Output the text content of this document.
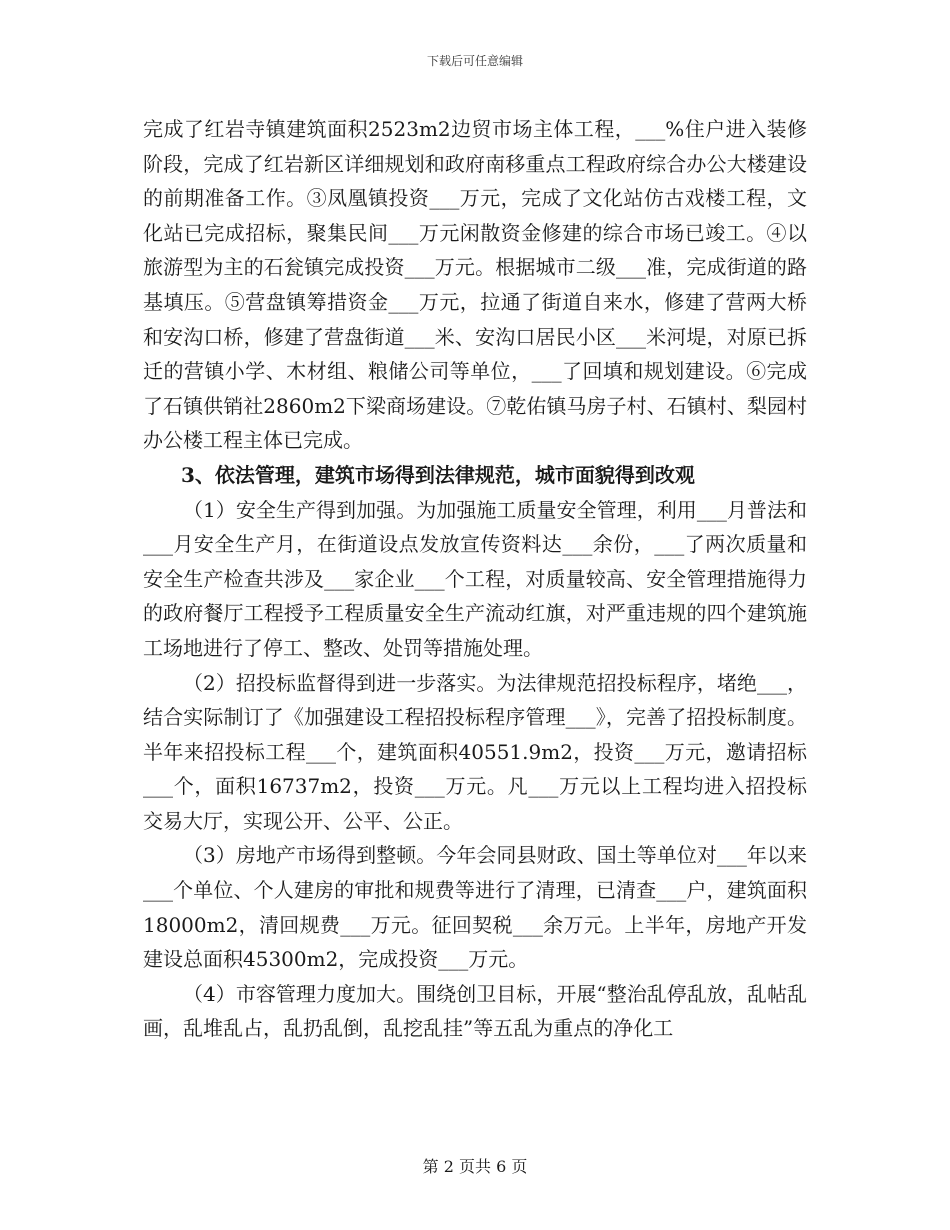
下载后可任意编辑

完成了红岩寺镇建筑面积2523m2边贸市场主体工程，___%住户进入装修阶段，完成了红岩新区详细规划和政府南移重点工程政府综合办公大楼建设的前期准备工作。③凤凰镇投资___万元，完成了文化站仿古戏楼工程，文化站已完成招标，聚集民间___万元闲散资金修建的综合市场已竣工。④以旅游型为主的石瓮镇完成投资___万元。根据城市二级___准，完成街道的路基填压。⑤营盘镇筹措资金___万元，拉通了街道自来水，修建了营两大桥和安沟口桥，修建了营盘街道___米、安沟口居民小区___米河堤，对原已拆迁的营镇小学、木材组、粮储公司等单位，___了回填和规划建设。⑥完成了石镇供销社2860m2下梁商场建设。⑦乾佑镇马房子村、石镇村、梨园村办公楼工程主体已完成。

3、依法管理，建筑市场得到法律规范，城市面貌得到改观

（1）安全生产得到加强。为加强施工质量安全管理，利用___月普法和___月安全生产月，在街道设点发放宣传资料达___余份，___了两次质量和安全生产检查共涉及___家企业___个工程，对质量较高、安全管理措施得力的政府餐厅工程授予工程质量安全生产流动红旗，对严重违规的四个建筑施工场地进行了停工、整改、处罚等措施处理。

（2）招投标监督得到进一步落实。为法律规范招投标程序，堵绝___，结合实际制订了《加强建设工程招投标程序管理___》，完善了招投标制度。半年来招投标工程___个，建筑面积40551.9m2，投资___万元，邀请招标___个，面积16737m2，投资___万元。凡___万元以上工程均进入招投标交易大厅，实现公开、公平、公正。

（3）房地产市场得到整顿。今年会同县财政、国土等单位对___年以来___个单位、个人建房的审批和规费等进行了清理，已清查___户，建筑面积18000m2，清回规费___万元。征回契税___余万元。上半年，房地产开发建设总面积45300m2，完成投资___万元。

（4）市容管理力度加大。围绕创卫目标，开展“整治乱停乱放，乱帖乱画，乱堆乱占，乱扔乱倒，乱挖乱挂”等五乱为重点的净化工

第 2 页共 6 页
